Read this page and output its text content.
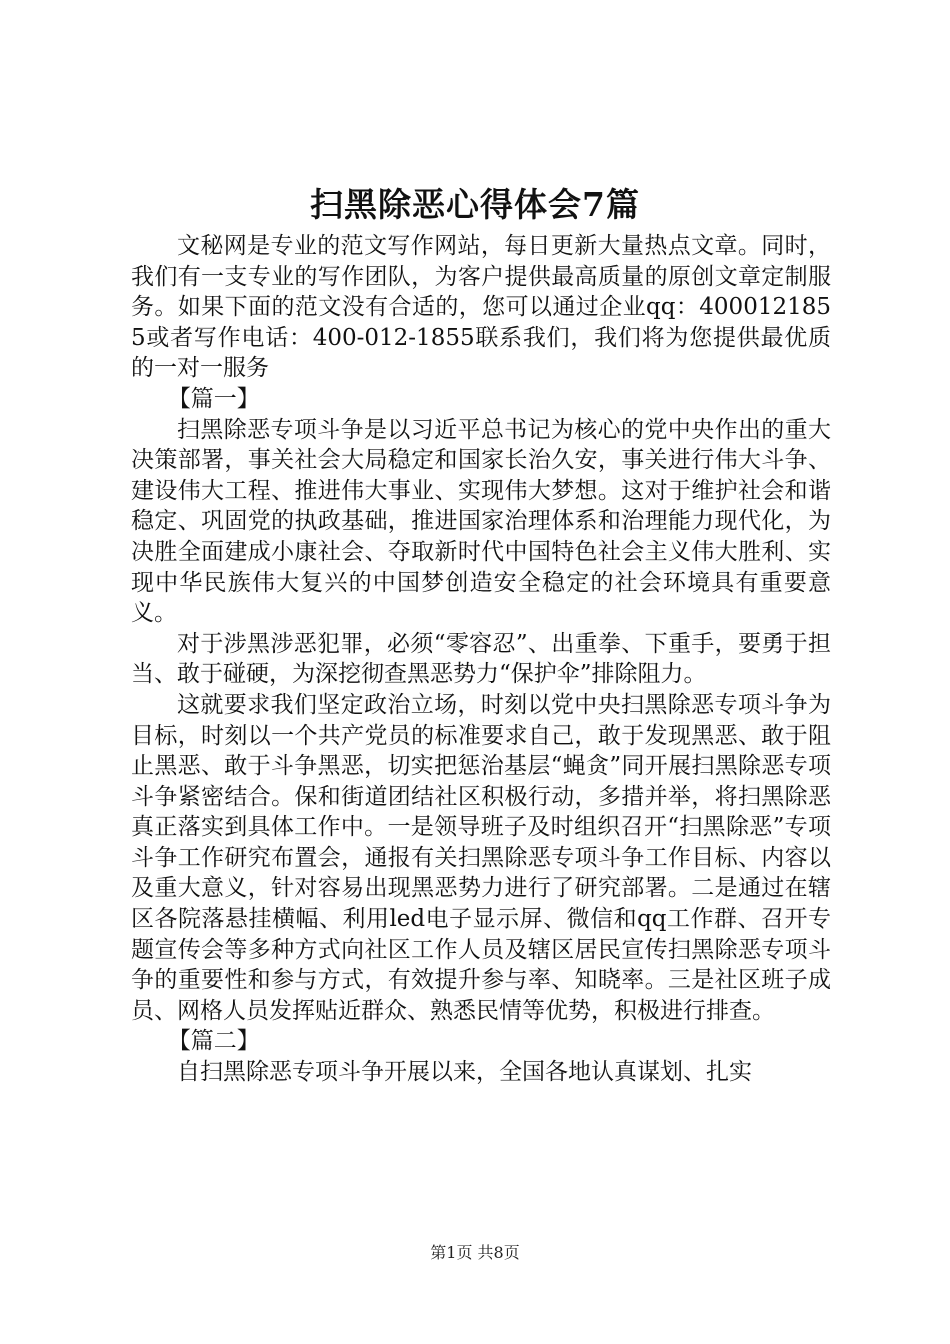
扫黑除恶心得体会7篇

文秘网是专业的范文写作网站，每日更新大量热点文章。同时，我们有一支专业的写作团队，为客户提供最高质量的原创文章定制服务。如果下面的范文没有合适的，您可以通过企业qq：4000121855或者写作电话：400-012-1855联系我们，我们将为您提供最优质的一对一服务

【篇一】

扫黑除恶专项斗争是以习近平总书记为核心的党中央作出的重大决策部署，事关社会大局稳定和国家长治久安，事关进行伟大斗争、建设伟大工程、推进伟大事业、实现伟大梦想。这对于维护社会和谐稳定、巩固党的执政基础，推进国家治理体系和治理能力现代化，为决胜全面建成小康社会、夺取新时代中国特色社会主义伟大胜利、实现中华民族伟大复兴的中国梦创造安全稳定的社会环境具有重要意义。

对于涉黑涉恶犯罪，必须“零容忍”、出重拳、下重手，要勇于担当、敢于碰硬，为深挖彻查黑恶势力“保护伞”排除阻力。

这就要求我们坚定政治立场，时刻以党中央扫黑除恶专项斗争为目标，时刻以一个共产党员的标准要求自己，敢于发现黑恶、敢于阻止黑恶、敢于斗争黑恶，切实把惩治基层“蝇贪”同开展扫黑除恶专项斗争紧密结合。保和街道团结社区积极行动，多措并举，将扫黑除恶真正落实到具体工作中。一是领导班子及时组织召开“扫黑除恶”专项斗争工作研究布置会，通报有关扫黑除恶专项斗争工作目标、内容以及重大意义，针对容易出现黑恶势力进行了研究部署。二是通过在辖区各院落悬挂横幅、利用led电子显示屏、微信和qq工作群、召开专题宣传会等多种方式向社区工作人员及辖区居民宣传扫黑除恶专项斗争的重要性和参与方式，有效提升参与率、知晓率。三是社区班子成员、网格人员发挥贴近群众、熟悉民情等优势，积极进行排查。

【篇二】

自扫黑除恶专项斗争开展以来，全国各地认真谋划、扎实

第1页 共8页
